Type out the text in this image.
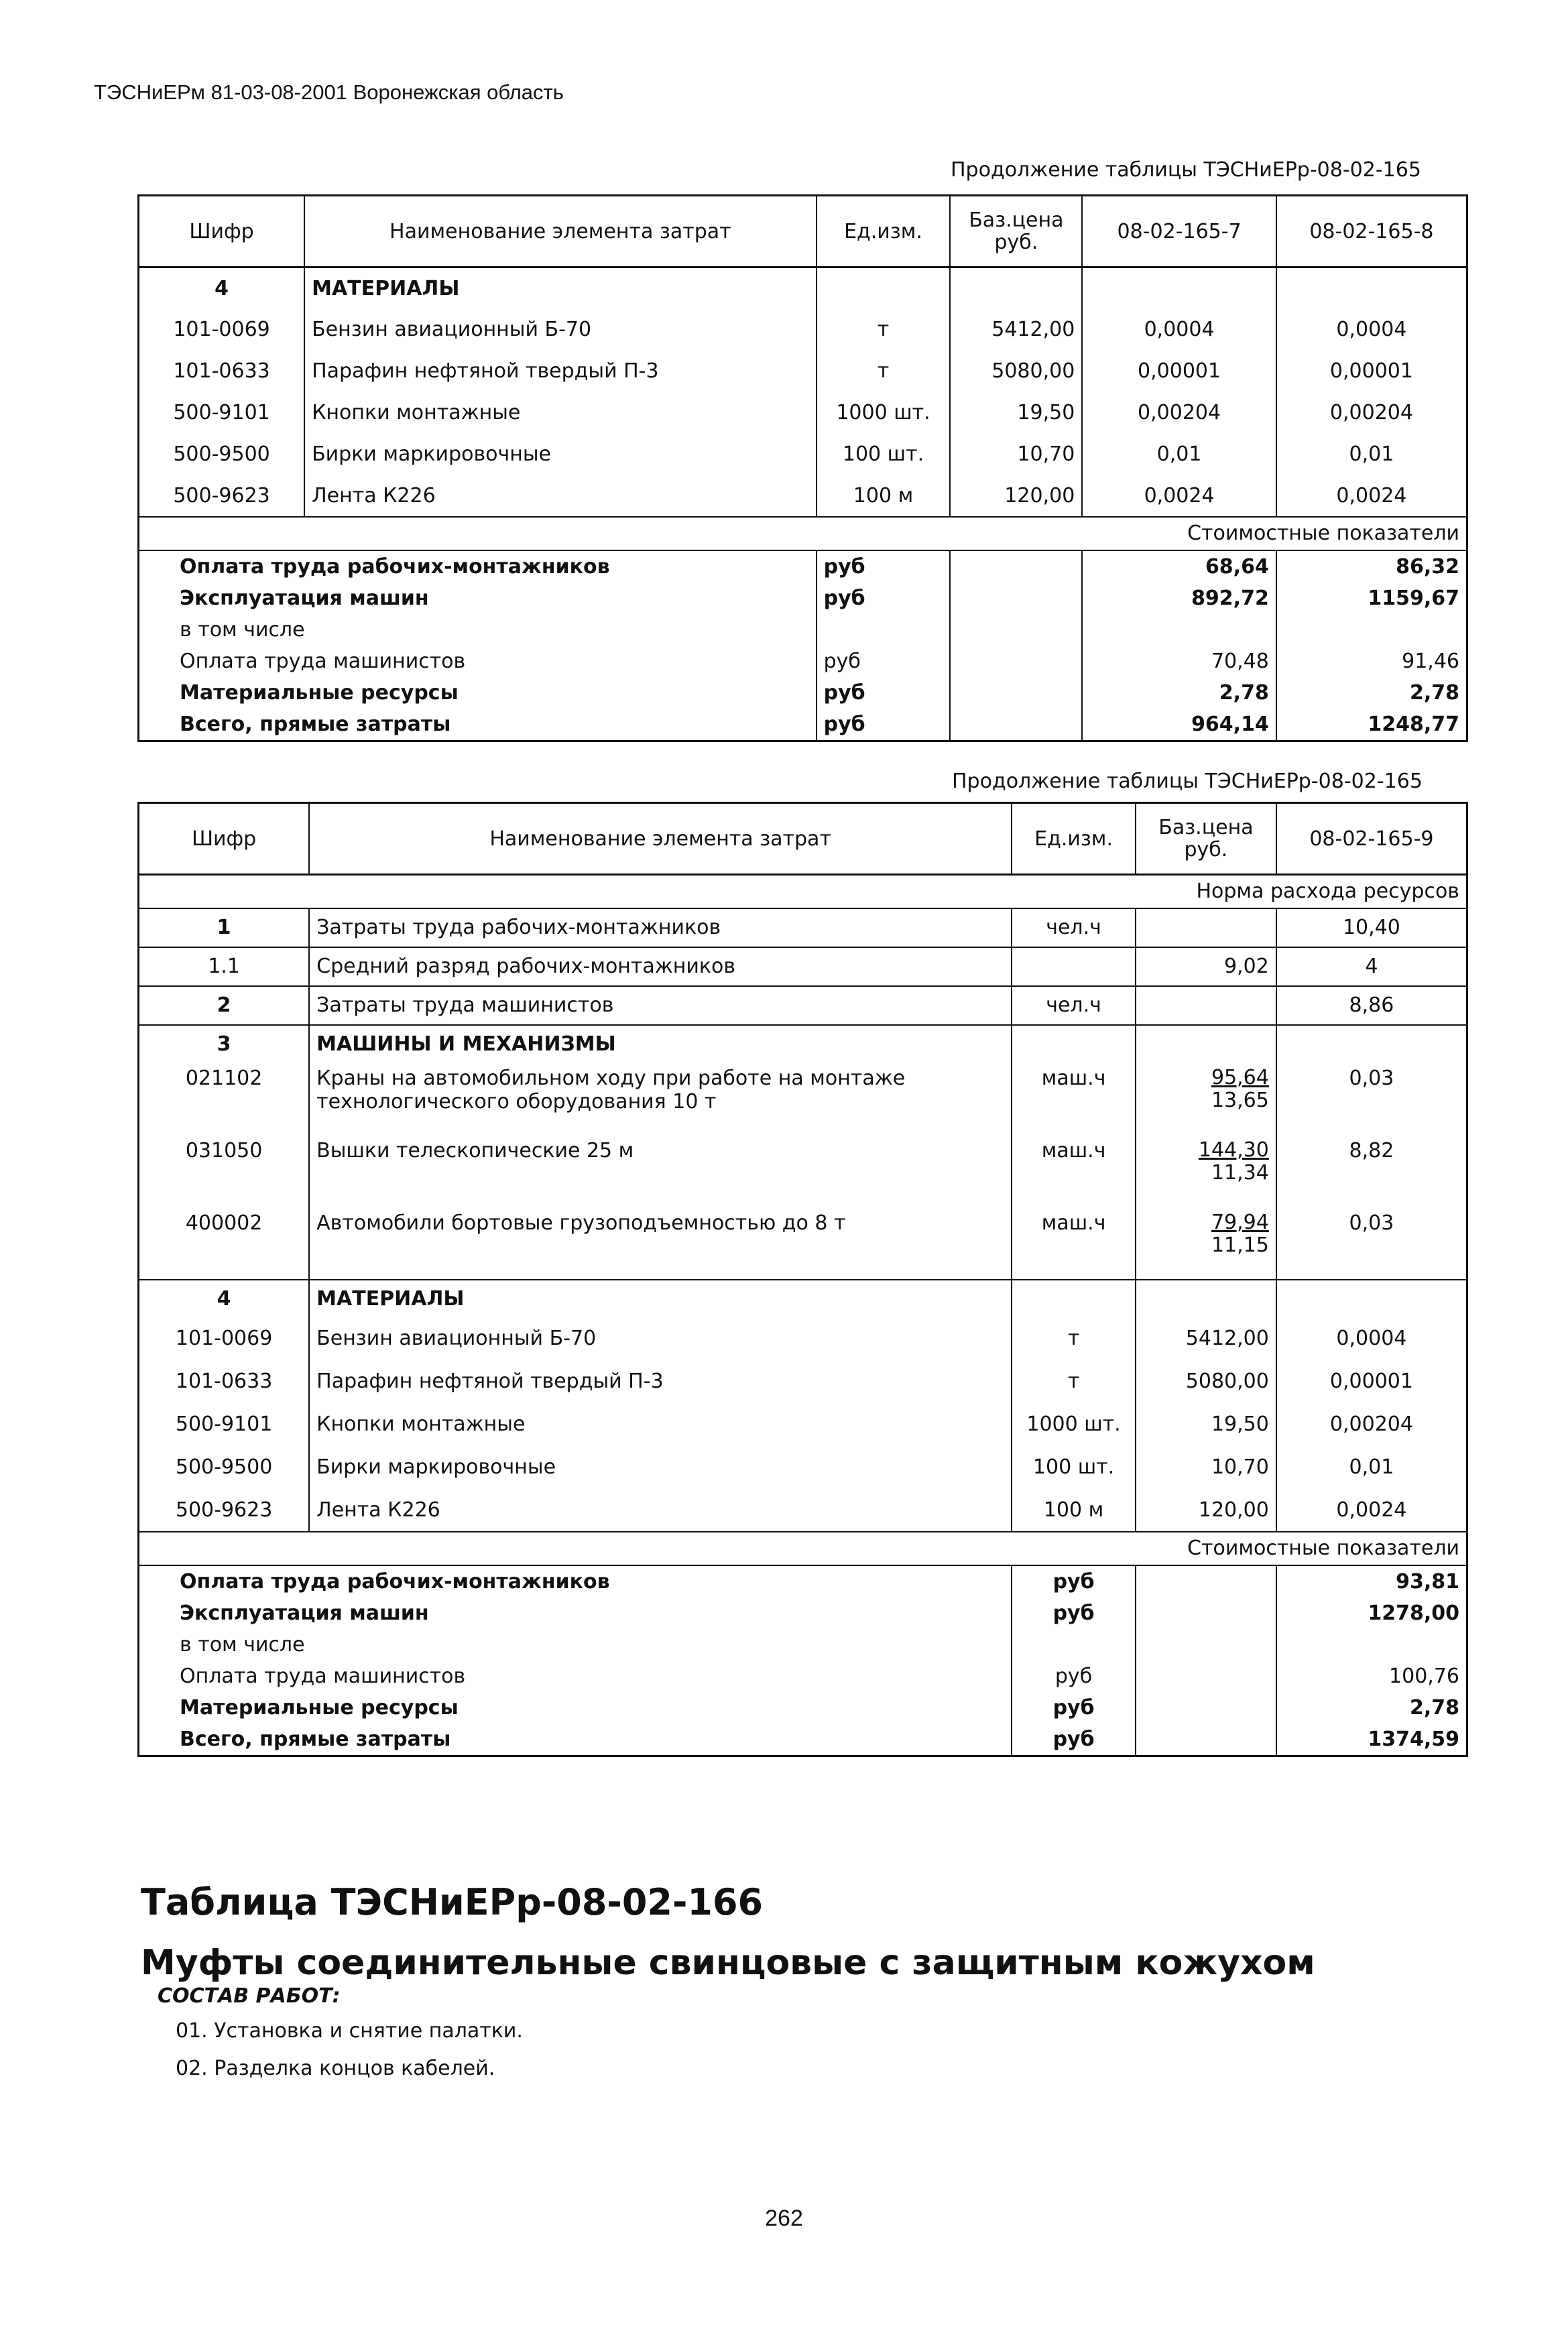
ТЭСНиЕРм 81-03-08-2001 Воронежская область
Продолжение таблицы ТЭСНиЕРр-08-02-165
Шифр	Наименование элемента затрат	Ед.изм.	Баз.цена руб.	08-02-165-7	08-02-165-8
4	МАТЕРИАЛЫ				
101-0069	Бензин авиационный Б-70	т	5412,00	0,0004	0,0004
101-0633	Парафин нефтяной твердый П-3	т	5080,00	0,00001	0,00001
500-9101	Кнопки монтажные	1000 шт.	19,50	0,00204	0,00204
500-9500	Бирки маркировочные	100 шт.	10,70	0,01	0,01
500-9623	Лента К226	100 м	120,00	0,0024	0,0024
				Стоимостные показатели	
Оплата труда рабочих-монтажников		руб		68,64	86,32
Эксплуатация машин		руб		892,72	1159,67
в том числе					
Оплата труда машинистов		руб		70,48	91,46
Материальные ресурсы		руб		2,78	2,78
Всего, прямые затраты		руб		964,14	1248,77
Продолжение таблицы ТЭСНиЕРр-08-02-165
Шифр	Наименование элемента затрат	Ед.изм.	Баз.цена руб.	08-02-165-9
			Норма расхода ресурсов	
1	Затраты труда рабочих-монтажников	чел.ч		10,40
1.1	Средний разряд рабочих-монтажников		9,02	4
2	Затраты труда машинистов	чел.ч		8,86
3	МАШИНЫ И МЕХАНИЗМЫ			
021102	Краны на автомобильном ходу при работе на монтаже технологического оборудования 10 т	маш.ч	$\frac{95,64}{13,65}$	0,03
031050	Вышки телескопические 25 м	маш.ч	$\frac{144,30}{11,34}$	8,82
400002	Автомобили бортовые грузоподъемностью до 8 т	маш.ч	$\frac{79,94}{11,15}$	0,03
4	МАТЕРИАЛЫ			
101-0069	Бензин авиационный Б-70	т	5412,00	0,0004
101-0633	Парафин нефтяной твердый П-3	т	5080,00	0,00001
500-9101	Кнопки монтажные	1000 шт.	19,50	0,00204
500-9500	Бирки маркировочные	100 шт.	10,70	0,01
500-9623	Лента К226	100 м	120,00	0,0024
			Стоимостные показатели	
Оплата труда рабочих-монтажников		руб		93,81
Эксплуатация машин		руб		1278,00
в том числе				
Оплата труда машинистов		руб		100,76
Материальные ресурсы		руб		2,78
Всего, прямые затраты		руб		1374,59
Таблица ТЭСНиЕРр-08-02-166
Муфты соединительные свинцовые с защитным кожухом
СОСТАВ РАБОТ:
01. Установка и снятие палатки.
02. Разделка концов кабелей.
262
